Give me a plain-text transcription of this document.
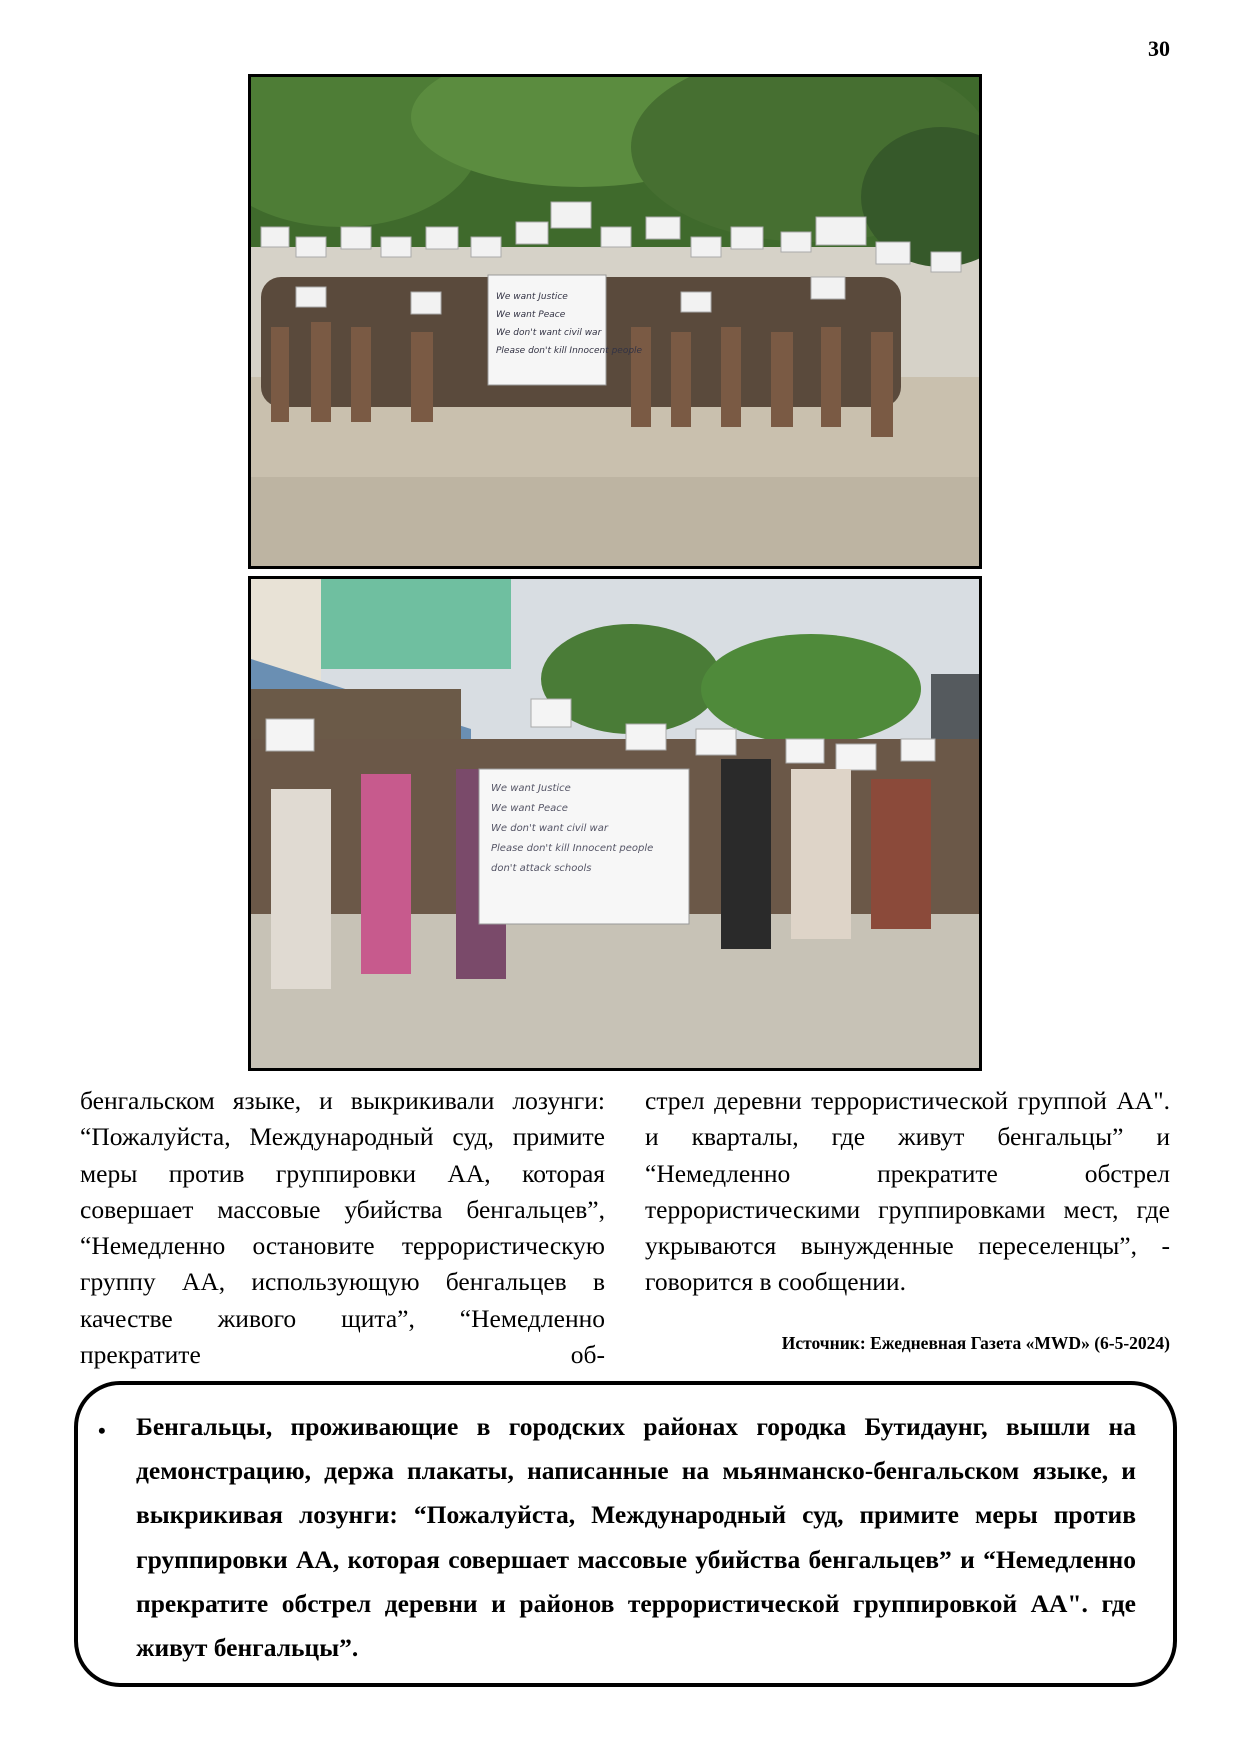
30
We want Justice
We want Peace
We don't want civil war
Please don't kill Innocent people
We want Justice
We want Peace
We don't want civil war
Please don't kill Innocent people
don't attack schools
бенгальском языке, и выкрикивали лозунги: “Пожалуйста, Международный суд, примите меры против группировки АА, которая совершает массовые убийства бенгальцев”, “Немедленно остановите террористическую группу АА, использующую бенгальцев в качестве живого щита”, “Немедленно прекратите об-
стрел деревни террористической группой АА". и кварталы, где живут бенгальцы” и “Немедленно прекратите обстрел террористическими группировками мест, где укрываются вынужденные переселенцы”, - говорится в сообщении.
Источник: Ежедневная Газета «MWD» (6-5-2024)
• Бенгальцы, проживающие в городских районах городка Бутидаунг, вышли на демонстрацию, держа плакаты, написанные на мьянманско-бенгальском языке, и выкрикивая лозунги: “Пожалуйста, Международный суд, примите меры против группировки АА, которая совершает массовые убийства бенгальцев” и “Немедленно прекратите обстрел деревни и районов террористической группировкой АА". где живут бенгальцы”.
